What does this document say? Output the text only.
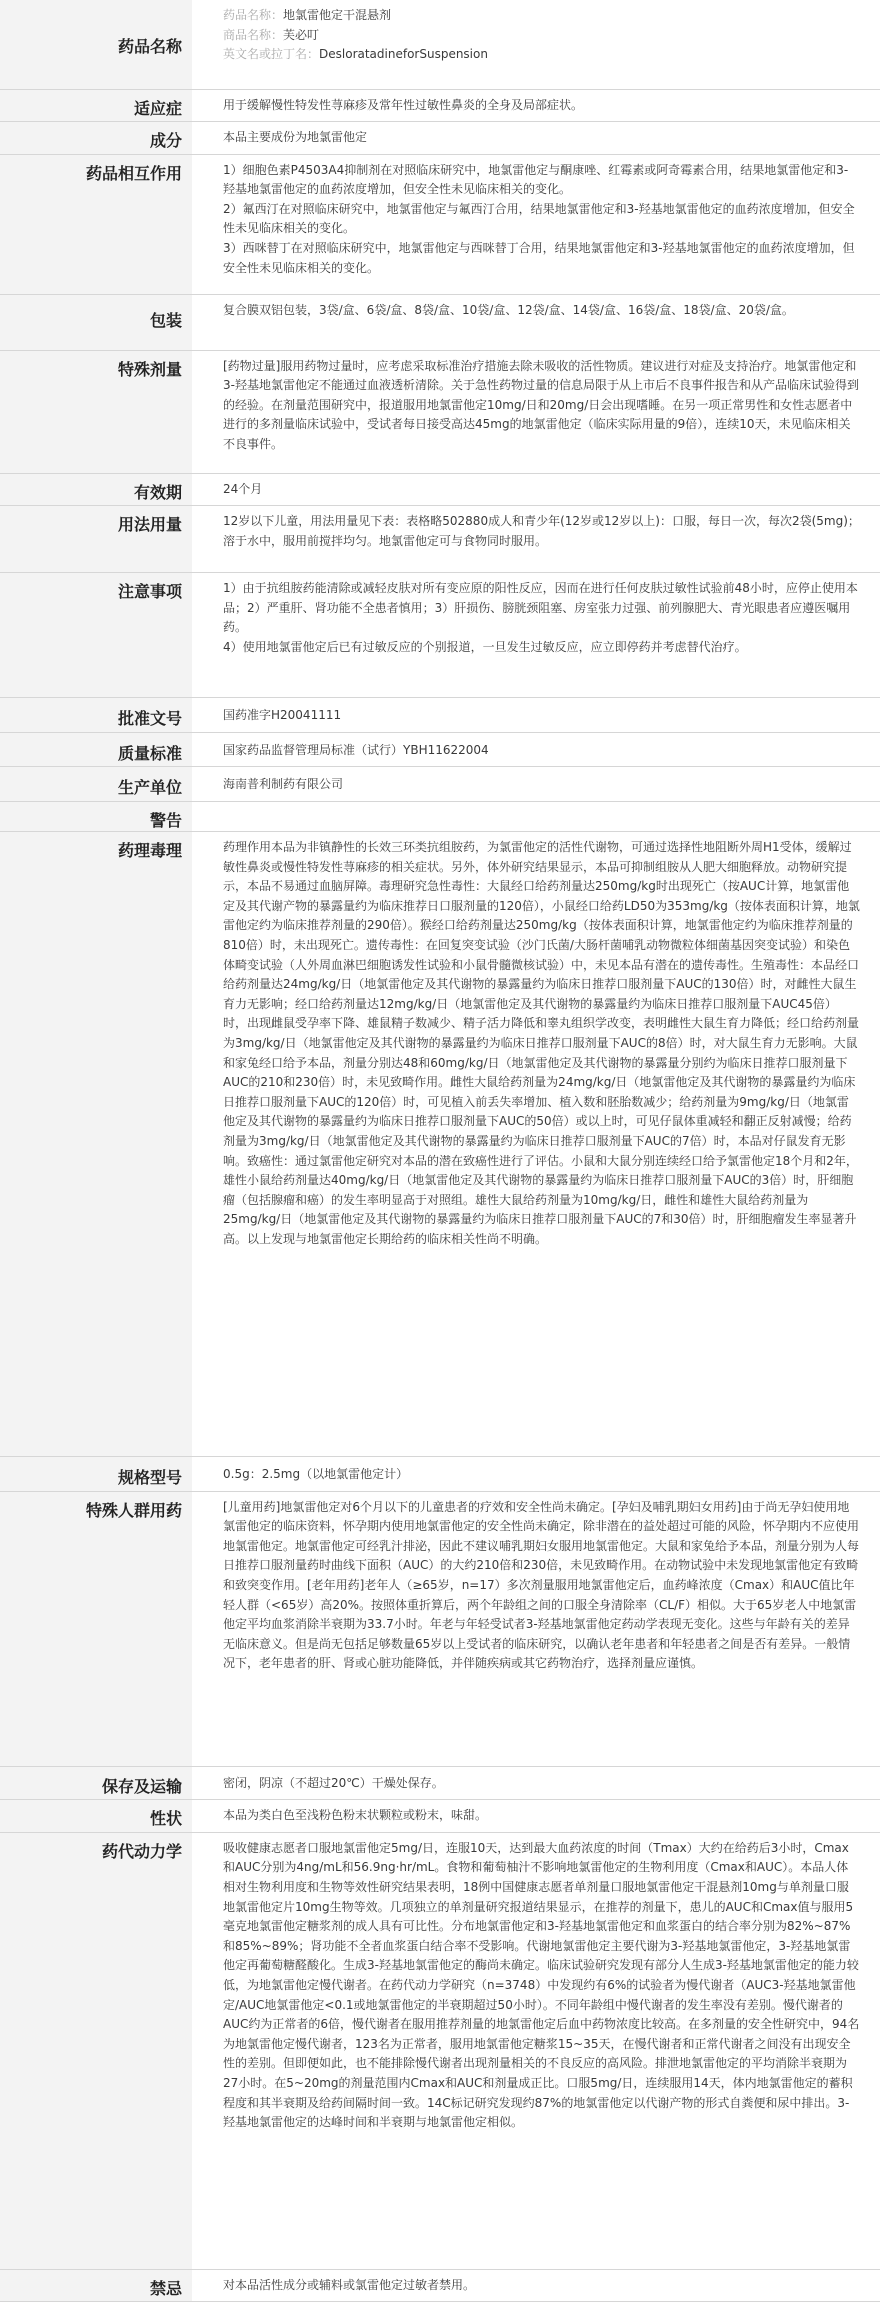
药品名称	药品名称：地氯雷他定干混悬剂
商品名称：芙必叮
英文名或拉丁名：DesloratadineforSuspension

适应症	用于缓解慢性特发性荨麻疹及常年性过敏性鼻炎的全身及局部症状。
成分	本品主要成份为地氯雷他定
药品相互作用	1）细胞色素P4503A4抑制剂在对照临床研究中，地氯雷他定与酮康唑、红霉素或阿奇霉素合用，结果地氯雷他定和3-羟基地氯雷他定的血药浓度增加，但安全性未见临床相关的变化。

2）氟西汀在对照临床研究中，地氯雷他定与氟西汀合用，结果地氯雷他定和3-羟基地氯雷他定的血药浓度增加，但安全性未见临床相关的变化。

3）西咪替丁在对照临床研究中，地氯雷他定与西咪替丁合用，结果地氯雷他定和3-羟基地氯雷他定的血药浓度增加，但安全性未见临床相关的变化。

包装	复合膜双铝包装，3袋/盒、6袋/盒、8袋/盒、10袋/盒、12袋/盒、14袋/盒、16袋/盒、18袋/盒、20袋/盒。
特殊剂量	[药物过量]服用药物过量时，应考虑采取标准治疗措施去除未吸收的活性物质。建议进行对症及支持治疗。地氯雷他定和3-羟基地氯雷他定不能通过血液透析清除。关于急性药物过量的信息局限于从上市后不良事件报告和从产品临床试验得到的经验。在剂量范围研究中，报道服用地氯雷他定10mg/日和20mg/日会出现嗜睡。在另一项正常男性和女性志愿者中进行的多剂量临床试验中，受试者每日接受高达45mg的地氯雷他定（临床实际用量的9倍），连续10天，未见临床相关不良事件。
有效期	24个月
用法用量	12岁以下儿童，用法用量见下表：表格略502880成人和青少年(12岁或12岁以上)：口服，每日一次，每次2袋(5mg)；溶于水中，服用前搅拌均匀。地氯雷他定可与食物同时服用。
注意事项	1）由于抗组胺药能清除或减轻皮肤对所有变应原的阳性反应，因而在进行任何皮肤过敏性试验前48小时，应停止使用本品；2）严重肝、肾功能不全患者慎用；3）肝损伤、膀胱颈阻塞、房室张力过强、前列腺肥大、青光眼患者应遵医嘱用药。

4）使用地氯雷他定后已有过敏反应的个别报道，一旦发生过敏反应，应立即停药并考虑替代治疗。

批准文号	国药准字H20041111
质量标准	国家药品监督管理局标准（试行）YBH11622004
生产单位	海南普利制药有限公司
警告	
药理毒理	药理作用本品为非镇静性的长效三环类抗组胺药，为氯雷他定的活性代谢物，可通过选择性地阻断外周H1受体，缓解过敏性鼻炎或慢性特发性荨麻疹的相关症状。另外，体外研究结果显示，本品可抑制组胺从人肥大细胞释放。动物研究提示，本品不易通过血脑屏障。毒理研究急性毒性：大鼠经口给药剂量达250mg/kg时出现死亡（按AUC计算，地氯雷他定及其代谢产物的暴露量约为临床推荐日口服剂量的120倍），小鼠经口给药LD50为353mg/kg（按体表面积计算，地氯雷他定约为临床推荐剂量的290倍）。猴经口给药剂量达250mg/kg（按体表面积计算，地氯雷他定约为临床推荐剂量的810倍）时，未出现死亡。遗传毒性：在回复突变试验（沙门氏菌/大肠杆菌哺乳动物微粒体细菌基因突变试验）和染色体畸变试验（人外周血淋巴细胞诱发性试验和小鼠骨髓微核试验）中，未见本品有潜在的遗传毒性。生殖毒性：本品经口给药剂量达24mg/kg/日（地氯雷他定及其代谢物的暴露量约为临床日推荐口服剂量下AUC的130倍）时，对雌性大鼠生育力无影响；经口给药剂量达12mg/kg/日（地氯雷他定及其代谢物的暴露量约为临床日推荐口服剂量下AUC45倍）时，出现雌鼠受孕率下降、雄鼠精子数减少、精子活力降低和睾丸组织学改变，表明雌性大鼠生育力降低；经口给药剂量为3mg/kg/日（地氯雷他定及其代谢物的暴露量约为临床日推荐口服剂量下AUC的8倍）时，对大鼠生育力无影响。大鼠和家兔经口给予本品，剂量分别达48和60mg/kg/日（地氯雷他定及其代谢物的暴露量分别约为临床日推荐口服剂量下AUC的210和230倍）时，未见致畸作用。雌性大鼠给药剂量为24mg/kg/日（地氯雷他定及其代谢物的暴露量约为临床日推荐口服剂量下AUC的120倍）时，可见植入前丢失率增加、植入数和胚胎数减少；给药剂量为9mg/kg/日（地氯雷他定及其代谢物的暴露量约为临床日推荐口服剂量下AUC的50倍）或以上时，可见仔鼠体重减轻和翻正反射减慢；给药剂量为3mg/kg/日（地氯雷他定及其代谢物的暴露量约为临床日推荐口服剂量下AUC的7倍）时，本品对仔鼠发育无影响。致癌性：通过氯雷他定研究对本品的潜在致癌性进行了评估。小鼠和大鼠分别连续经口给予氯雷他定18个月和2年，雄性小鼠给药剂量达40mg/kg/日（地氯雷他定及其代谢物的暴露量约为临床日推荐口服剂量下AUC的3倍）时，肝细胞瘤（包括腺瘤和癌）的发生率明显高于对照组。雄性大鼠给药剂量为10mg/kg/日，雌性和雄性大鼠给药剂量为25mg/kg/日（地氯雷他定及其代谢物的暴露量约为临床日推荐口服剂量下AUC的7和30倍）时，肝细胞瘤发生率显著升高。以上发现与地氯雷他定长期给药的临床相关性尚不明确。
规格型号	0.5g：2.5mg（以地氯雷他定计）
特殊人群用药	[儿童用药]地氯雷他定对6个月以下的儿童患者的疗效和安全性尚未确定。[孕妇及哺乳期妇女用药]由于尚无孕妇使用地氯雷他定的临床资料，怀孕期内使用地氯雷他定的安全性尚未确定，除非潜在的益处超过可能的风险，怀孕期内不应使用地氯雷他定。地氯雷他定可经乳汁排泌，因此不建议哺乳期妇女服用地氯雷他定。大鼠和家兔给予本品，剂量分别为人每日推荐口服剂量药时曲线下面积（AUC）的大约210倍和230倍，未见致畸作用。在动物试验中未发现地氯雷他定有致畸和致突变作用。[老年用药]老年人（≥65岁，n=17）多次剂量服用地氯雷他定后，血药峰浓度（Cmax）和AUC值比年轻人群（<65岁）高20%。按照体重折算后，两个年龄组之间的口服全身清除率（CL/F）相似。大于65岁老人中地氯雷他定平均血浆消除半衰期为33.7小时。年老与年轻受试者3-羟基地氯雷他定药动学表现无变化。这些与年龄有关的差异无临床意义。但是尚无包括足够数量65岁以上受试者的临床研究，以确认老年患者和年轻患者之间是否有差异。一般情况下，老年患者的肝、肾或心脏功能降低，并伴随疾病或其它药物治疗，选择剂量应谨慎。
保存及运输	密闭，阴凉（不超过20℃）干燥处保存。
性状	本品为类白色至浅粉色粉末状颗粒或粉末，味甜。
药代动力学	吸收健康志愿者口服地氯雷他定5mg/日，连服10天，达到最大血药浓度的时间（Tmax）大约在给药后3小时，Cmax和AUC分别为4ng/mL和56.9ng·hr/mL。食物和葡萄柚汁不影响地氯雷他定的生物利用度（Cmax和AUC）。本品人体相对生物利用度和生物等效性研究结果表明，18例中国健康志愿者单剂量口服地氯雷他定干混悬剂10mg与单剂量口服地氯雷他定片10mg生物等效。几项独立的单剂量研究报道结果显示，在推荐的剂量下，患儿的AUC和Cmax值与服用5毫克地氯雷他定糖浆剂的成人具有可比性。分布地氯雷他定和3-羟基地氯雷他定和血浆蛋白的结合率分别为82%~87%和85%~89%；肾功能不全者血浆蛋白结合率不受影响。代谢地氯雷他定主要代谢为3-羟基地氯雷他定，3-羟基地氯雷他定再葡萄糖醛酸化。生成3-羟基地氯雷他定的酶尚未确定。临床试验研究发现有部分人生成3-羟基地氯雷他定的能力较低，为地氯雷他定慢代谢者。在药代动力学研究（n=3748）中发现约有6%的试验者为慢代谢者（AUC3-羟基地氯雷他定/AUC地氯雷他定<0.1或地氯雷他定的半衰期超过50小时）。不同年龄组中慢代谢者的发生率没有差别。慢代谢者的AUC约为正常者的6倍，慢代谢者在服用推荐剂量的地氯雷他定后血中药物浓度比较高。在多剂量的安全性研究中，94名为地氯雷他定慢代谢者，123名为正常者，服用地氯雷他定糖浆15~35天，在慢代谢者和正常代谢者之间没有出现安全性的差别。但即便如此，也不能排除慢代谢者出现剂量相关的不良反应的高风险。排泄地氯雷他定的平均消除半衰期为27小时。在5~20mg的剂量范围内Cmax和AUC和剂量成正比。口服5mg/日，连续服用14天，体内地氯雷他定的蓄积程度和其半衰期及给药间隔时间一致。14C标记研究发现约87%的地氯雷他定以代谢产物的形式自粪便和尿中排出。3-羟基地氯雷他定的达峰时间和半衰期与地氯雷他定相似。
禁忌	对本品活性成分或辅料或氯雷他定过敏者禁用。
